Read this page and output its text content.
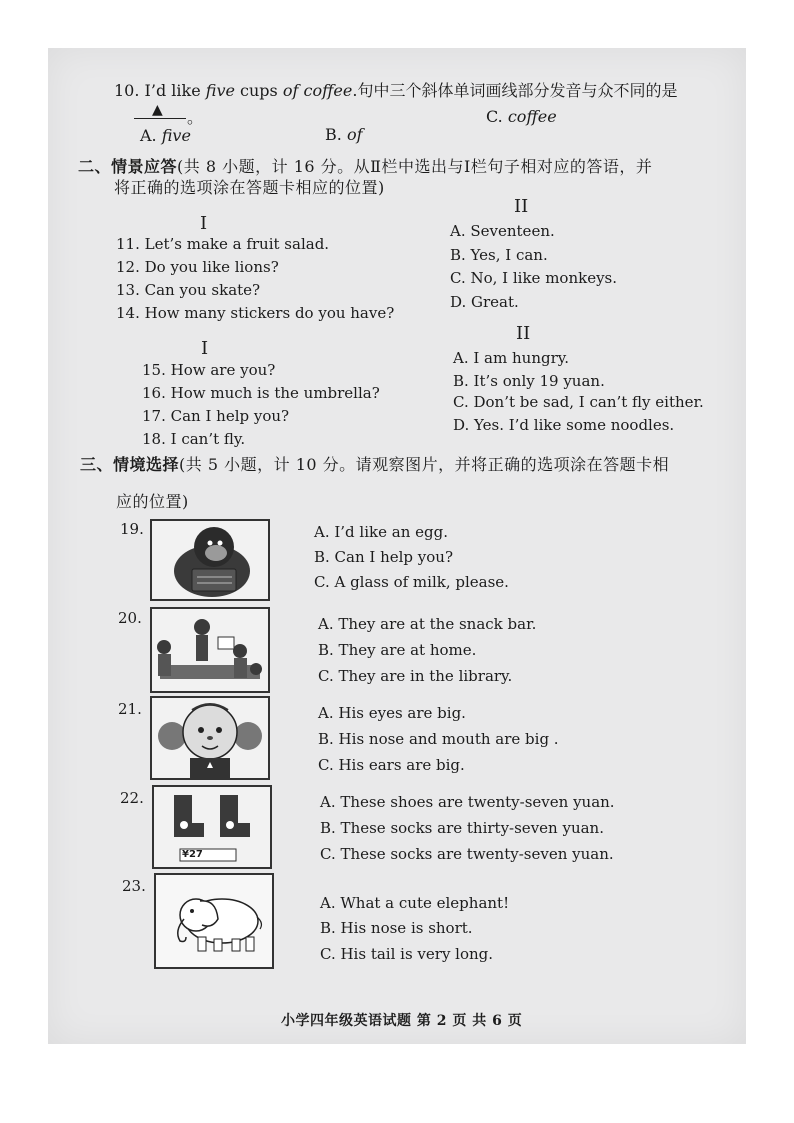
10. I’d like five cups of coffee.句中三个斜体单词画线部分发音与众不同的是
▲ 。
A. five	B. of
C. coffee
二、情景应答(共 8 小题，计 16 分。从Ⅱ栏中选出与Ⅰ栏句子相对应的答语，并
将正确的选项涂在答题卡相应的位置)
I
II
11. Let’s make a fruit salad.
12. Do you like lions?
13. Can you skate?
14. How many stickers do you have?
A. Seventeen.
B. Yes, I can.
C. No, I like monkeys.
D. Great.
I
II
15. How are you?
16. How much is the umbrella?
17. Can I help you?
18. I can’t fly.
A. I am hungry.
B. It’s only 19 yuan.
C. Don’t be sad, I can’t fly either.
D. Yes. I’d like some noodles.
三、情境选择(共 5 小题，计 10 分。请观察图片，并将正确的选项涂在答题卡相
应的位置)
19.	A. I’d like an egg.
B. Can I help you?
C. A glass of milk, please.
20.	A. They are at the snack bar.
B. They are at home.
C. They are in the library.
21.	A. His eyes are big.
B. His nose and mouth are big .
C. His ears are big.
22.
¥27
A. These shoes are twenty-seven yuan.
B. These socks are thirty-seven yuan.
C. These socks are twenty-seven yuan.
23.
A. What a cute elephant!
B. His nose is short.
C. His tail is very long.
小学四年级英语试题 第 2 页 共 6 页
